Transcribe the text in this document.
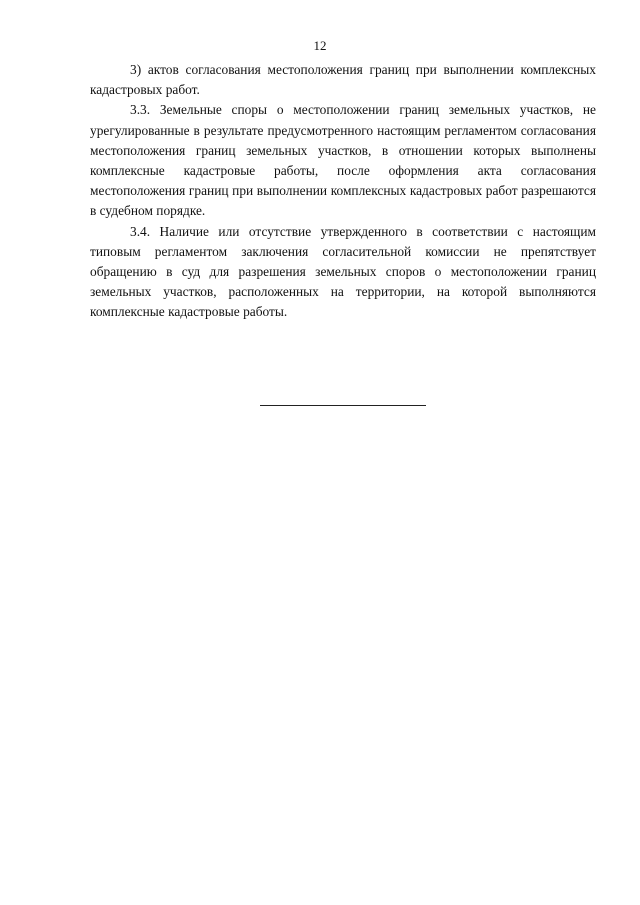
12

3) актов согласования местоположения границ при выполнении комплексных кадастровых работ.

3.3. Земельные споры о местоположении границ земельных участков, не урегулированные в результате предусмотренного настоящим регламентом согласования местоположения границ земельных участков, в отношении которых выполнены комплексные кадастровые работы, после оформления акта согласования местоположения границ при выполнении комплексных кадастровых работ разрешаются в судебном порядке.

3.4. Наличие или отсутствие утвержденного в соответствии с настоящим типовым регламентом заключения согласительной комиссии не препятствует обращению в суд для разрешения земельных споров о местоположении границ земельных участков, расположенных на территории, на которой выполняются комплексные кадастровые работы.
